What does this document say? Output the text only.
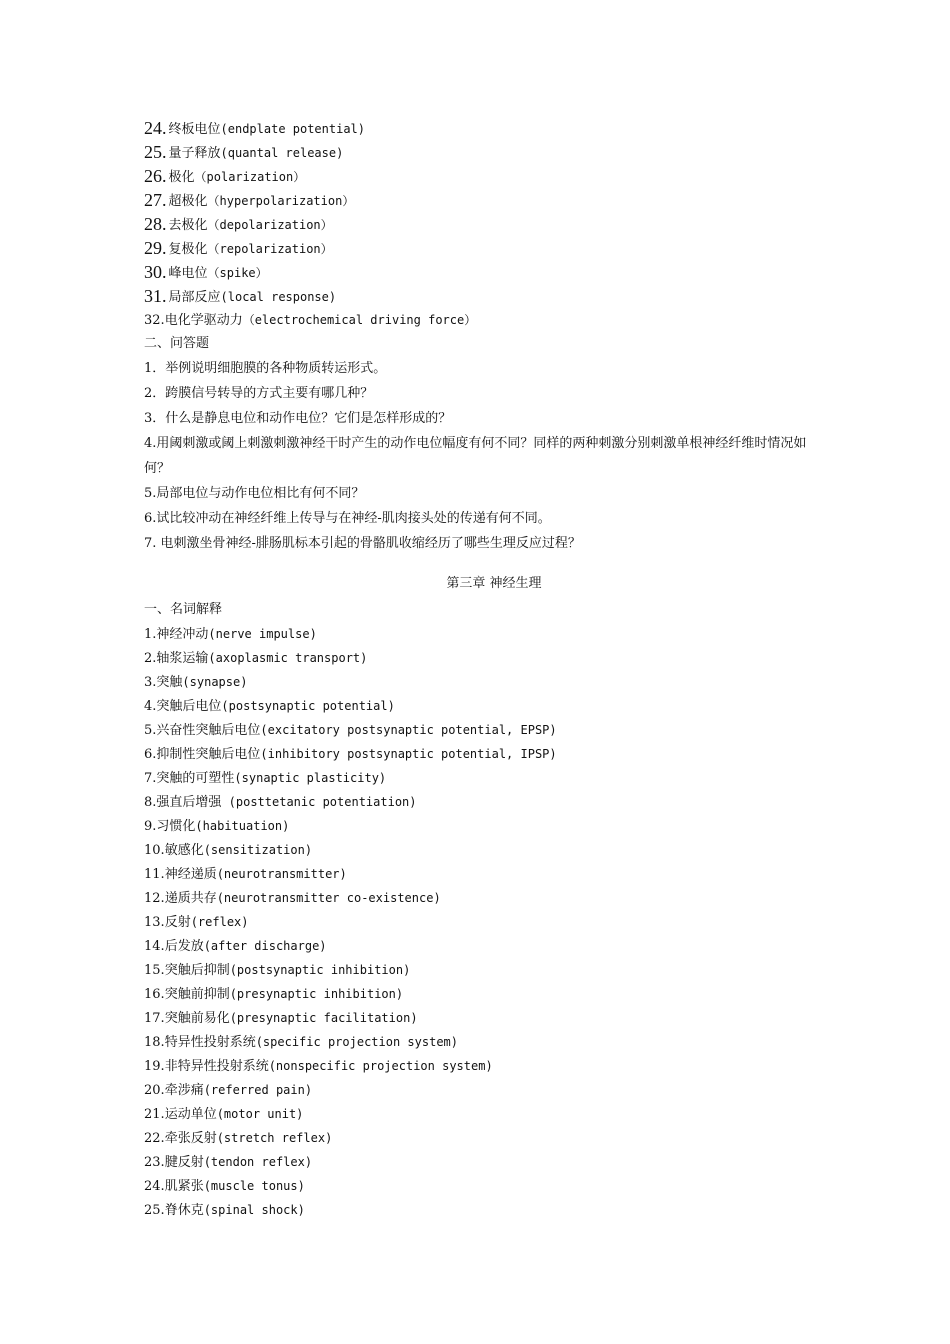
24. 终板电位(endplate potential)
25. 量子释放(quantal release)
26. 极化（polarization）
27. 超极化（hyperpolarization）
28. 去极化（depolarization）
29. 复极化（repolarization）
30. 峰电位（spike）
31. 局部反应(local response)
32.电化学驱动力（electrochemical driving force）
二、问答题
1．举例说明细胞膜的各种物质转运形式。
2．跨膜信号转导的方式主要有哪几种？
3．什么是静息电位和动作电位？它们是怎样形成的？
4.用阈刺激或阈上刺激刺激神经干时产生的动作电位幅度有何不同？同样的两种刺激分别刺激单根神经纤维时情况如何？
5.局部电位与动作电位相比有何不同？
6.试比较冲动在神经纤维上传导与在神经-肌肉接头处的传递有何不同。
7. 电刺激坐骨神经-腓肠肌标本引起的骨骼肌收缩经历了哪些生理反应过程？
第三章 神经生理
一、名词解释
1.神经冲动(nerve impulse)
2.轴浆运输(axoplasmic transport)
3.突触(synapse)
4.突触后电位(postsynaptic potential)
5.兴奋性突触后电位(excitatory postsynaptic potential, EPSP)
6.抑制性突触后电位(inhibitory postsynaptic potential, IPSP)
7.突触的可塑性(synaptic plasticity)
8.强直后增强 (posttetanic potentiation)
9.习惯化(habituation)
10.敏感化(sensitization)
11.神经递质(neurotransmitter)
12.递质共存(neurotransmitter co-existence)
13.反射(reflex)
14.后发放(after discharge)
15.突触后抑制(postsynaptic inhibition)
16.突触前抑制(presynaptic inhibition)
17.突触前易化(presynaptic facilitation)
18.特异性投射系统(specific projection system)
19.非特异性投射系统(nonspecific projection system)
20.牵涉痛(referred pain)
21.运动单位(motor unit)
22.牵张反射(stretch reflex)
23.腱反射(tendon reflex)
24.肌紧张(muscle tonus)
25.脊休克(spinal shock)
